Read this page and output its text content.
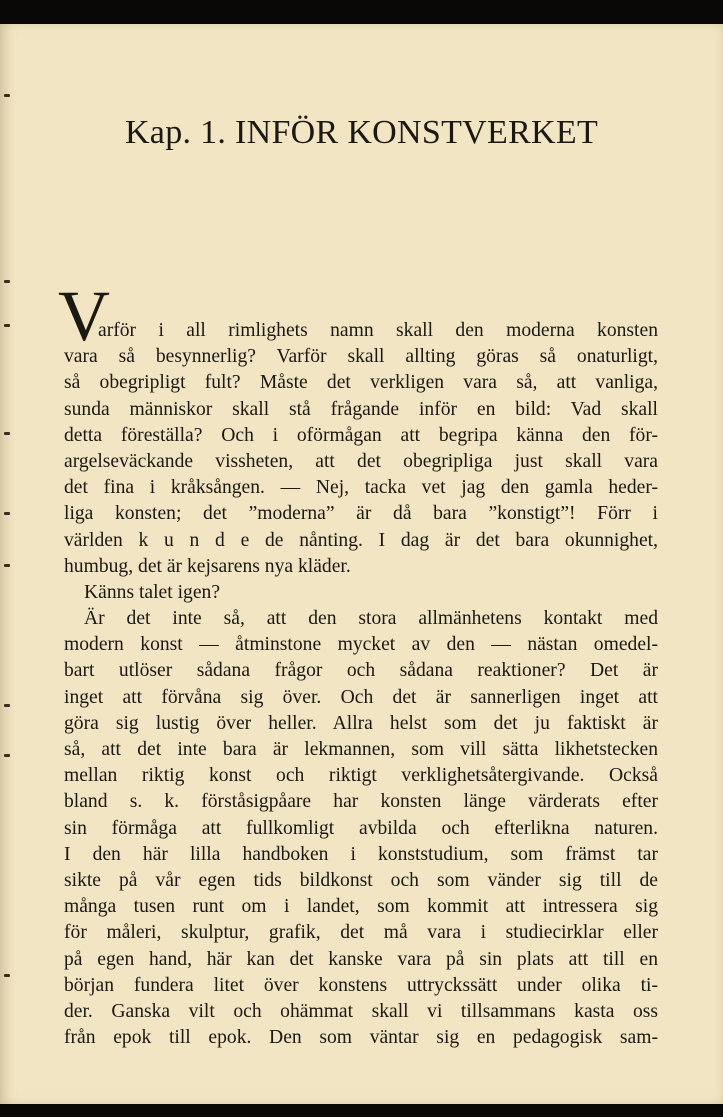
Kap. 1. INFÖR KONSTVERKET
V
arför i all rimlighets namn skall den moderna konsten
vara så besynnerlig? Varför skall allting göras så onaturligt,
så obegripligt fult? Måste det verkligen vara så, att vanliga,
sunda människor skall stå frågande inför en bild: Vad skall
detta föreställa? Och i oförmågan att begripa känna den för-
argelseväckande vissheten, att det obegripliga just skall vara
det fina i kråksången. — Nej, tacka vet jag den gamla heder-
liga konsten; det ”moderna” är då bara ”konstigt”! Förr i
världen k u n d e de nånting. I dag är det bara okunnighet,
humbug, det är kejsarens nya kläder.
Känns talet igen?
Är det inte så, att den stora allmänhetens kontakt med
modern konst — åtminstone mycket av den — nästan omedel-
bart utlöser sådana frågor och sådana reaktioner? Det är
inget att förvåna sig över. Och det är sannerligen inget att
göra sig lustig över heller. Allra helst som det ju faktiskt är
så, att det inte bara är lekmannen, som vill sätta likhetstecken
mellan riktig konst och riktigt verklighetsåtergivande. Också
bland s. k. förståsigpåare har konsten länge värderats efter
sin förmåga att fullkomligt avbilda och efterlikna naturen.
I den här lilla handboken i konststudium, som främst tar
sikte på vår egen tids bildkonst och som vänder sig till de
många tusen runt om i landet, som kommit att intressera sig
för måleri, skulptur, grafik, det må vara i studiecirklar eller
på egen hand, här kan det kanske vara på sin plats att till en
början fundera litet över konstens uttryckssätt under olika ti-
der. Ganska vilt och ohämmat skall vi tillsammans kasta oss
från epok till epok. Den som väntar sig en pedagogisk sam-
